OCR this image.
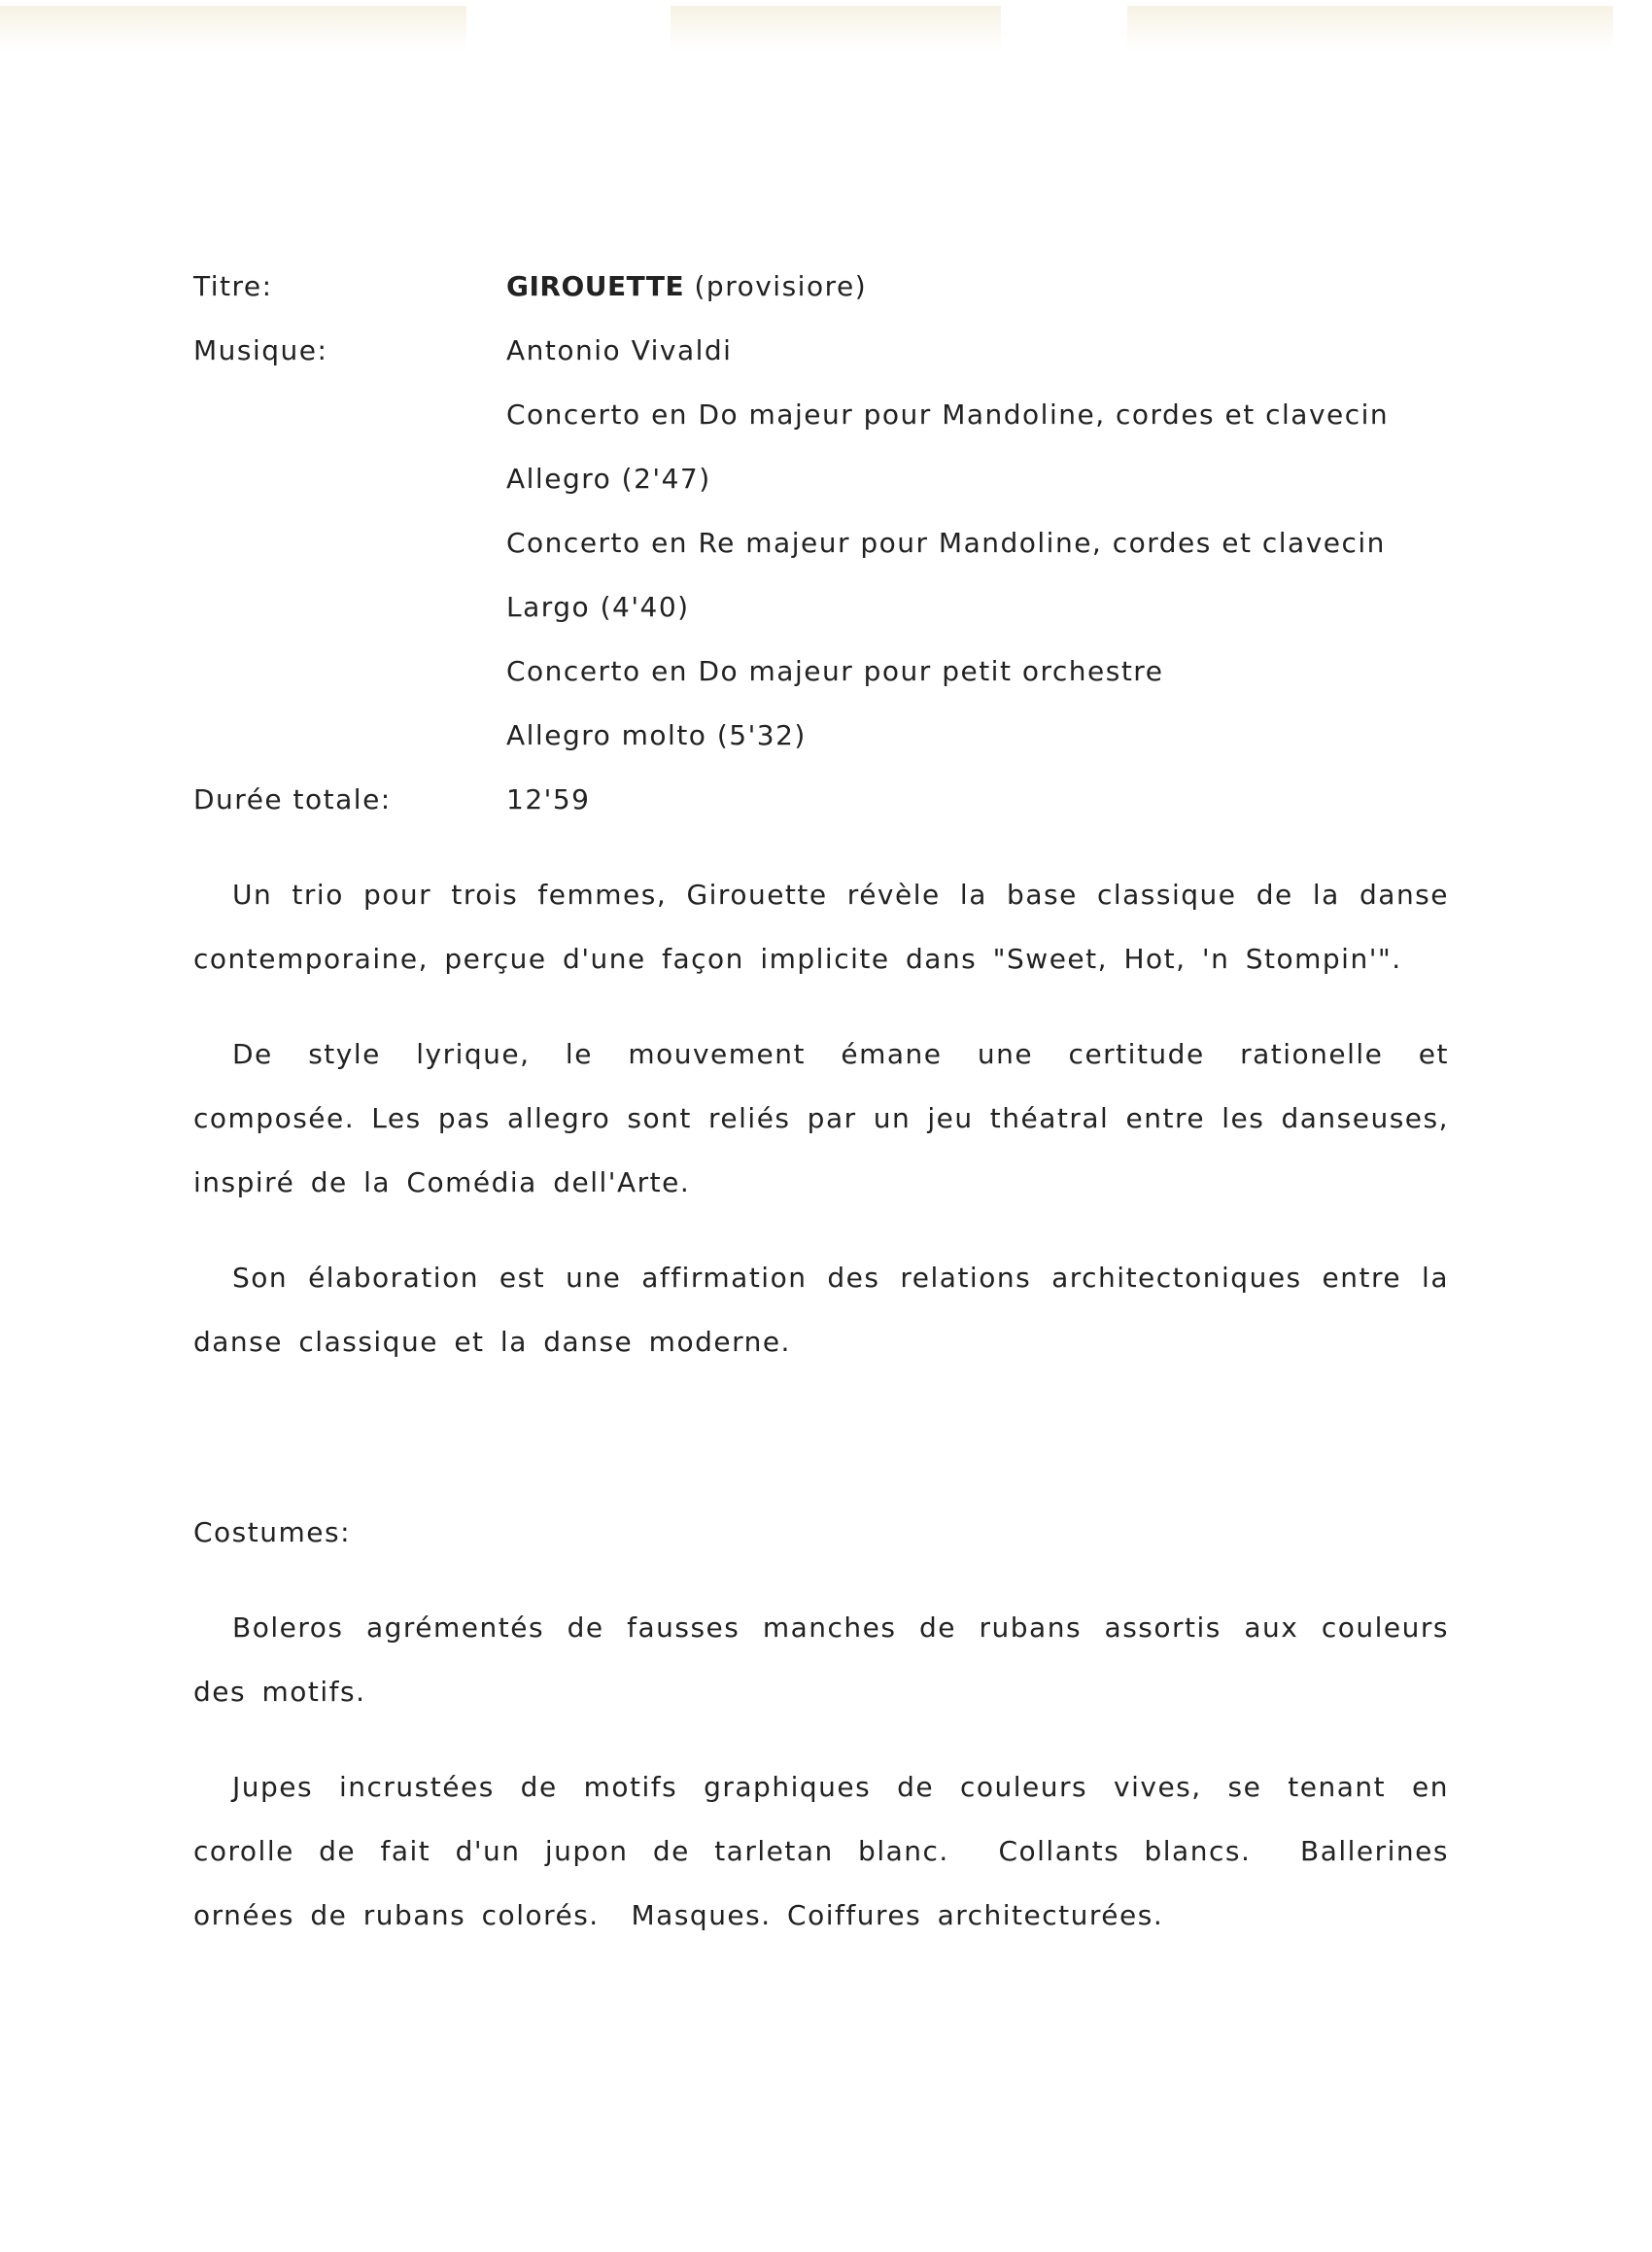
Titre:	GIROUETTE (provisiore)
Musique:	Antonio Vivaldi
Concerto en Do majeur pour Mandoline, cordes et clavecin
Allegro (2'47)
Concerto en Re majeur pour Mandoline, cordes et clavecin
Largo (4'40)
Concerto en Do majeur pour petit orchestre
Allegro molto (5'32)
Durée totale:	12'59

Un trio pour trois femmes, Girouette révèle la base classique de la danse contemporaine, perçue d'une façon implicite dans "Sweet, Hot, 'n Stompin'".

De style lyrique, le mouvement émane une certitude rationelle et composée. Les pas allegro sont reliés par un jeu théatral entre les danseuses, inspiré de la Comédia dell'Arte.

Son élaboration est une affirmation des relations architectoniques entre la danse classique et la danse moderne.

Costumes:

Boleros agrémentés de fausses manches de rubans assortis aux couleurs des motifs.

Jupes incrustées de motifs graphiques de couleurs vives, se tenant en corolle de fait d'un jupon de tarletan blanc.  Collants blancs.  Ballerines ornées de rubans colorés.  Masques. Coiffures architecturées.
